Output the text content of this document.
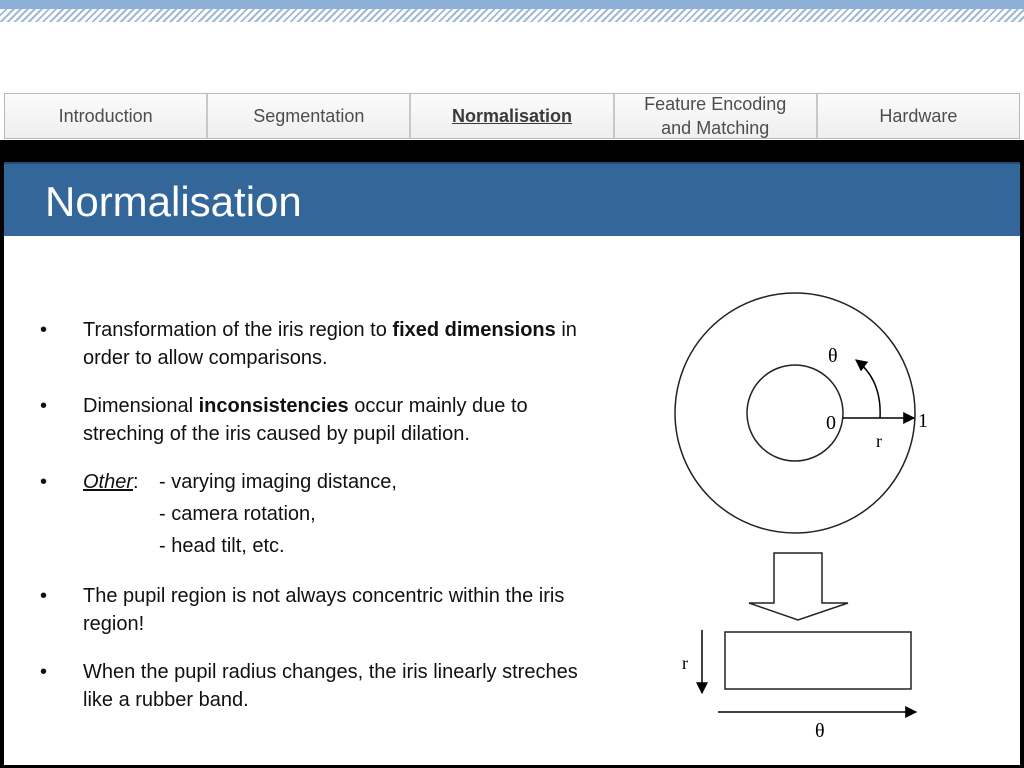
Introduction	Segmentation	Normalisation
Feature Encoding and Matching
Hardware
Normalisation
•	Transformation of the iris region to fixed dimensions in order to allow comparisons.
•	Dimensional inconsistencies occur mainly due to streching of the iris caused by pupil dilation.
•	Other:	- varying imaging distance,
- camera rotation,
- head tilt, etc.
•	The pupil region is not always concentric within the iris region!
•	When the pupil radius changes, the iris linearly streches like a rubber band.
θ
0	1
r
r
θ
